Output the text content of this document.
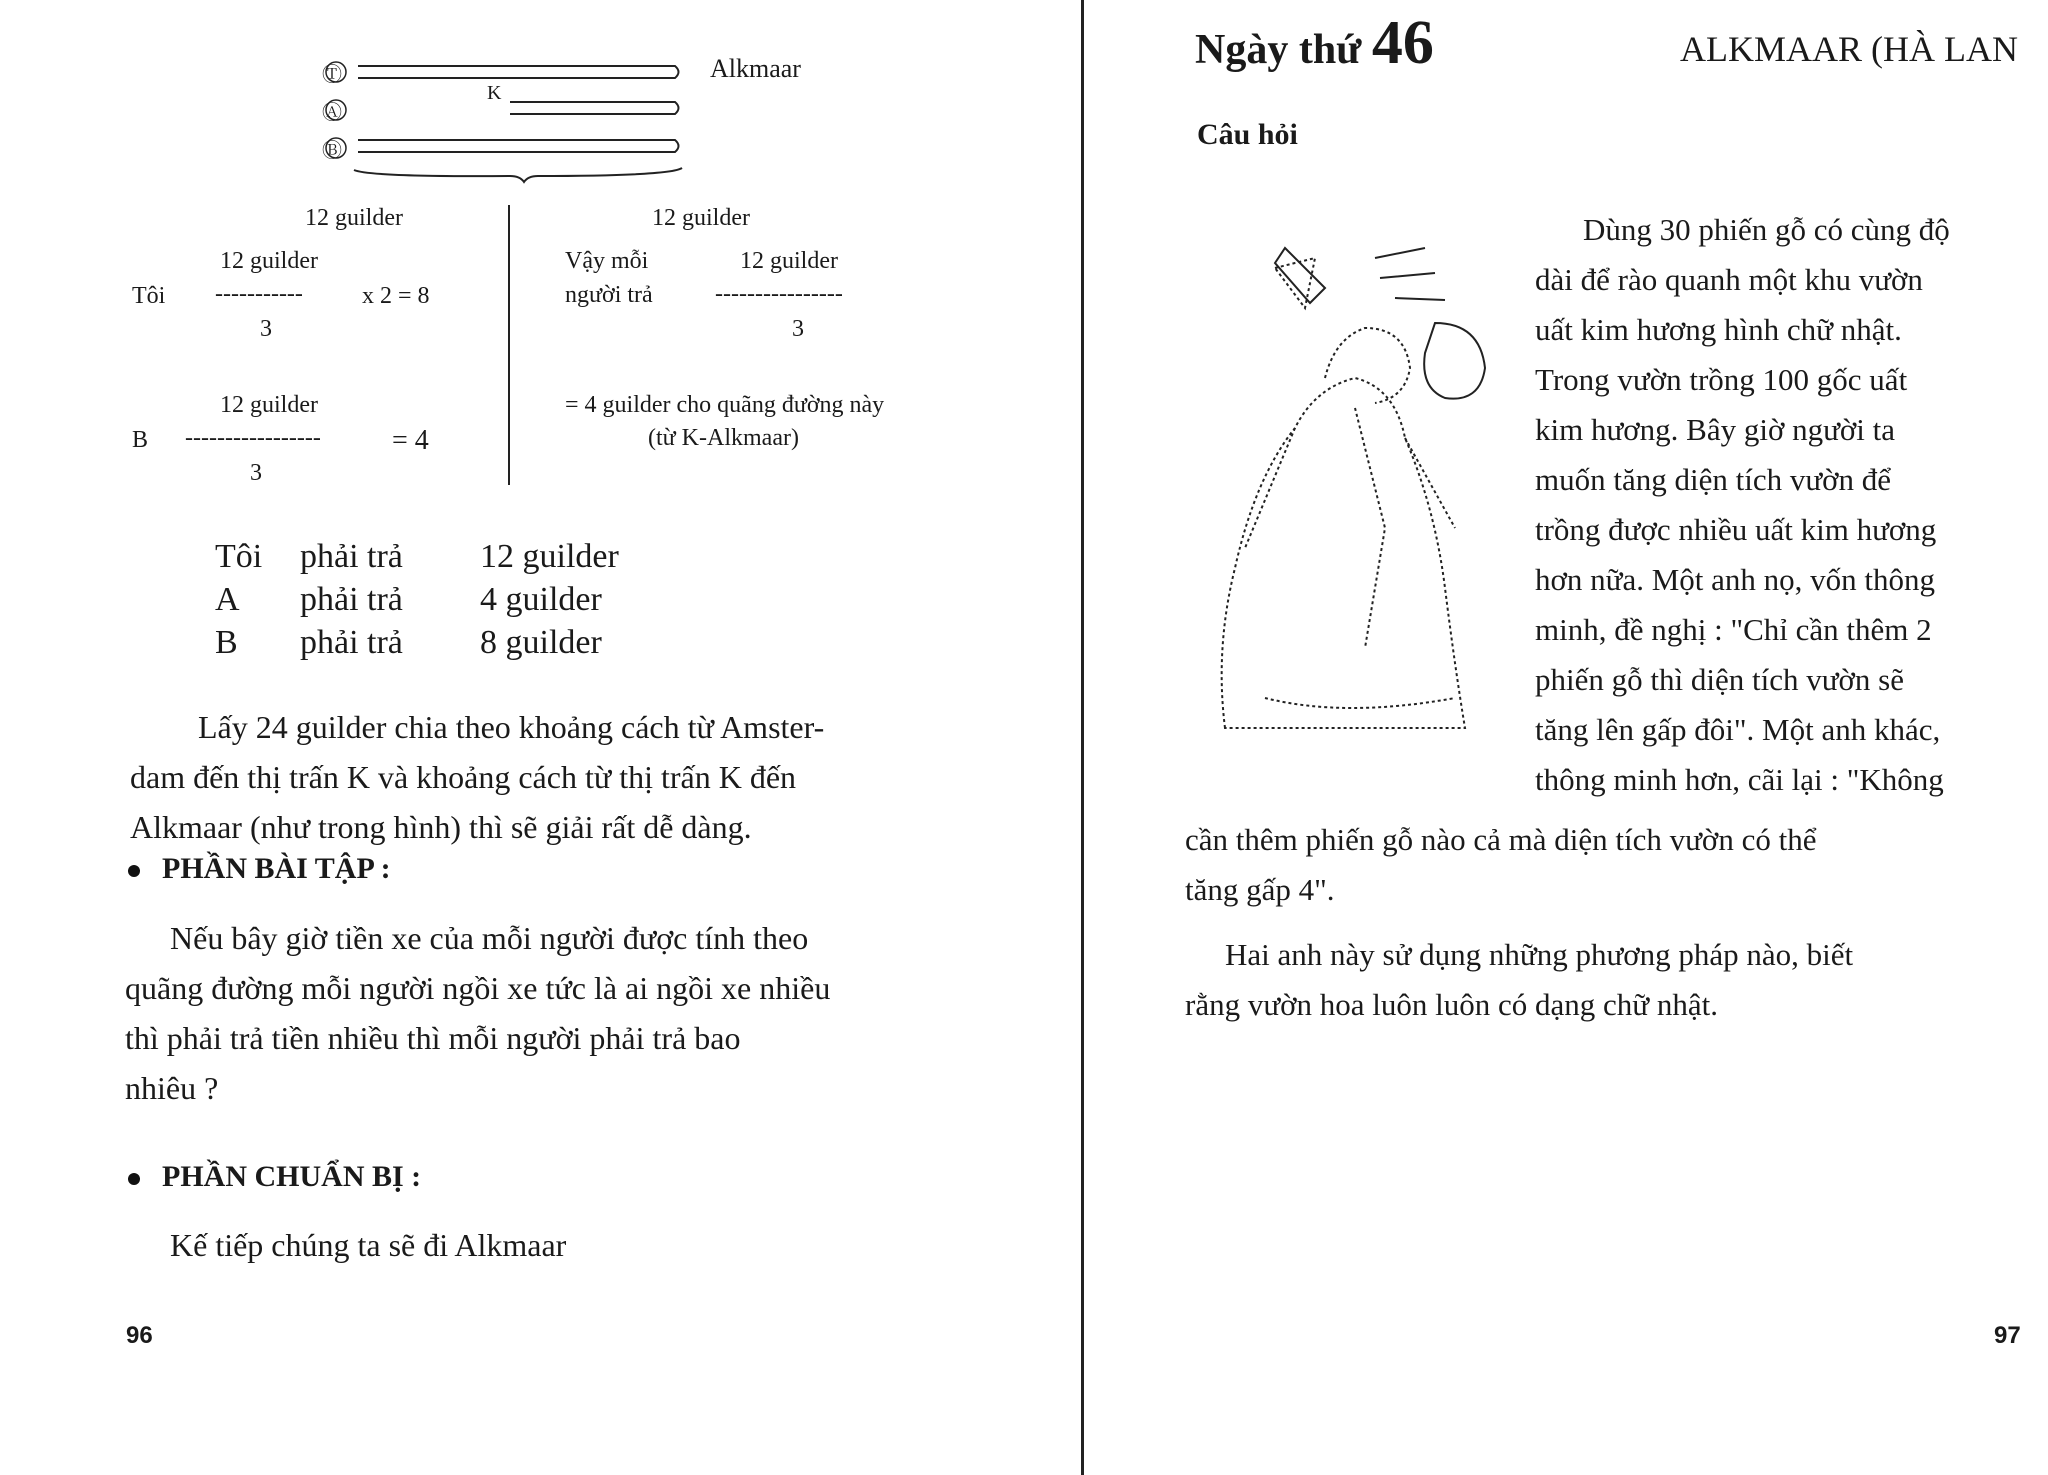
Ⓣ
Ⓐ
Ⓑ
Alkmaar
K
12 guilder
12 guilder
Tôi ----------- x 2 = 8
3
12 guilder
B -----------------	= 4
3
12 guilder
Vậy mỗi
người trả
12 guilder
----------------
3
= 4 guilder cho quãng đường này
(từ K-Alkmaar)
Tôi	phải trả	12 guilder
A	phải trả	4 guilder
B	phải trả	8 guilder
Lấy 24 guilder chia theo khoảng cách từ Amster-
dam đến thị trấn K và khoảng cách từ thị trấn K đến
Alkmaar (như trong hình) thì sẽ giải rất dễ dàng.
PHẦN BÀI TẬP :
Nếu bây giờ tiền xe của mỗi người được tính theo
quãng đường mỗi người ngồi xe tức là ai ngồi xe nhiều
thì phải trả tiền nhiều thì mỗi người phải trả bao
nhiêu ?
PHẦN CHUẨN BỊ :
Kế tiếp chúng ta sẽ đi Alkmaar
96
Ngày thứ 46	ALKMAAR (HÀ LAN
Câu hỏi
Dùng 30 phiến gỗ có cùng độ
dài để rào quanh một khu vườn
uất kim hương hình chữ nhật.
Trong vườn trồng 100 gốc uất
kim hương. Bây giờ người ta
muốn tăng diện tích vườn để
trồng được nhiều uất kim hương
hơn nữa. Một anh nọ, vốn thông
minh, đề nghị : "Chỉ cần thêm 2
phiến gỗ thì diện tích vườn sẽ
tăng lên gấp đôi". Một anh khác,
thông minh hơn, cãi lại : "Không
cần thêm phiến gỗ nào cả mà diện tích vườn có thể
tăng gấp 4".
Hai anh này sử dụng những phương pháp nào, biết
rằng vườn hoa luôn luôn có dạng chữ nhật.
97
